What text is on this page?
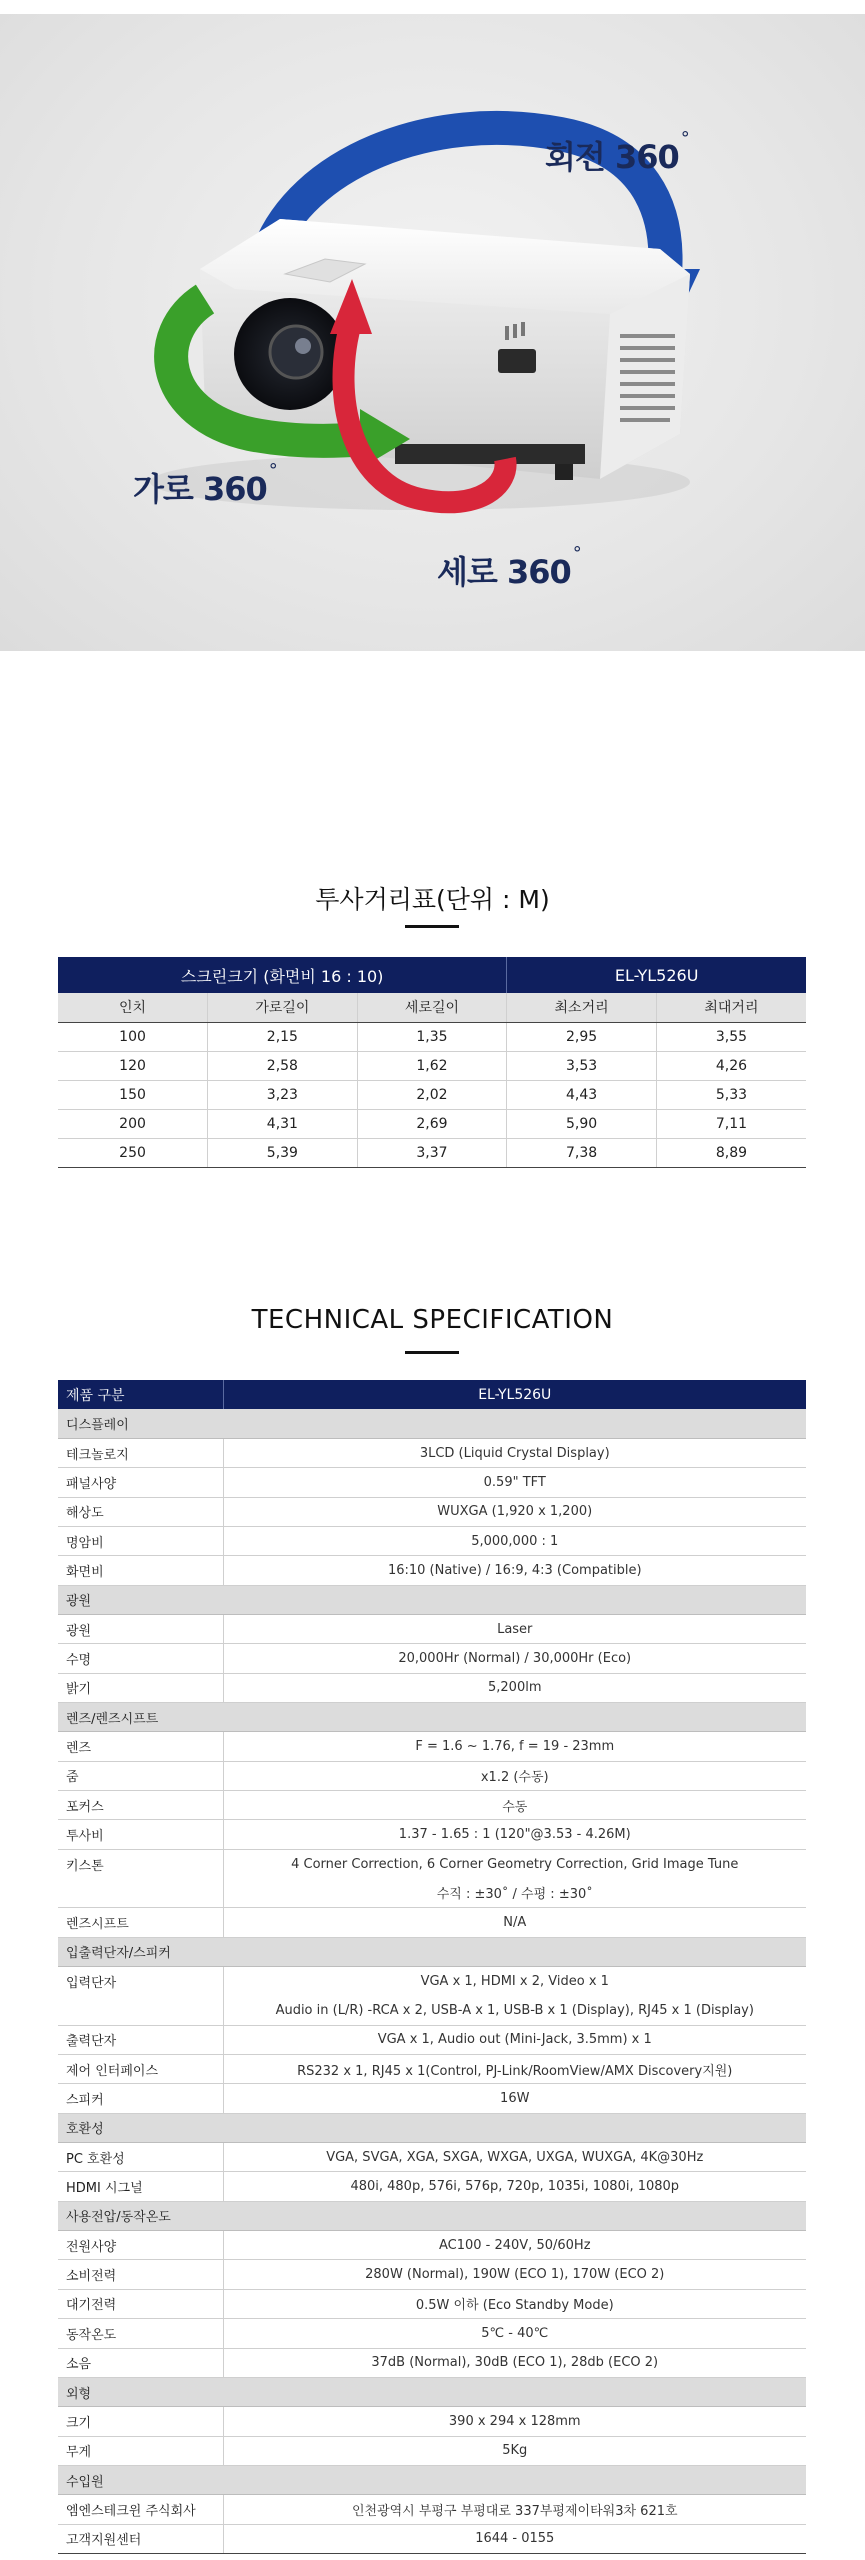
회전 360 °
가로 360 °
세로 360 °
투사거리표(단위 : M)
스크린크기 (화면비 16 : 10)			EL-YL526U	
인치	가로길이	세로길이	최소거리	최대거리
100	2,15	1,35	2,95	3,55
120	2,58	1,62	3,53	4,26
150	3,23	2,02	4,43	5,33
200	4,31	2,69	5,90	7,11
250	5,39	3,37	7,38	8,89
TECHNICAL SPECIFICATION
제품 구분	EL-YL526U
디스플레이	
테크놀로지	3LCD (Liquid Crystal Display)
패널사양	0.59" TFT
해상도	WUXGA (1,920 x 1,200)
명암비	5,000,000 : 1
화면비	16:10 (Native) / 16:9, 4:3 (Compatible)
광원	
광원	Laser
수명	20,000Hr (Normal) / 30,000Hr (Eco)
밝기	5,200lm
렌즈/렌즈시프트	
렌즈	F = 1.6 ~ 1.76, f = 19 - 23mm
줌	x1.2 (수동)
포커스	수동
투사비	1.37 - 1.65 : 1 (120"@3.53 - 4.26M)
키스톤	4 Corner Correction, 6 Corner Geometry Correction, Grid Image Tune
	수직 : ±30˚ / 수평 : ±30˚
렌즈시프트	N/A
입출력단자/스피커	
입력단자	VGA x 1, HDMI x 2, Video x 1
	Audio in (L/R) -RCA x 2, USB-A x 1, USB-B x 1 (Display), RJ45 x 1 (Display)
출력단자	VGA x 1, Audio out (Mini-Jack, 3.5mm) x 1
제어 인터페이스	RS232 x 1, RJ45 x 1(Control, PJ-Link/RoomView/AMX Discovery지원)
스피커	16W
호환성	
PC 호환성	VGA, SVGA, XGA, SXGA, WXGA, UXGA, WUXGA, 4K@30Hz
HDMI 시그널	480i, 480p, 576i, 576p, 720p, 1035i, 1080i, 1080p
사용전압/동작온도	
전원사양	AC100 - 240V, 50/60Hz
소비전력	280W (Normal), 190W (ECO 1), 170W (ECO 2)
대기전력	0.5W 이하 (Eco Standby Mode)
동작온도	5℃ - 40℃
소음	37dB (Normal), 30dB (ECO 1), 28db (ECO 2)
외형	
크기	390 x 294 x 128mm
무게	5Kg
수입원	
엠엔스테크윈 주식회사	인천광역시 부평구 부평대로 337부평제이타워3차 621호
고객지원센터	1644 - 0155
